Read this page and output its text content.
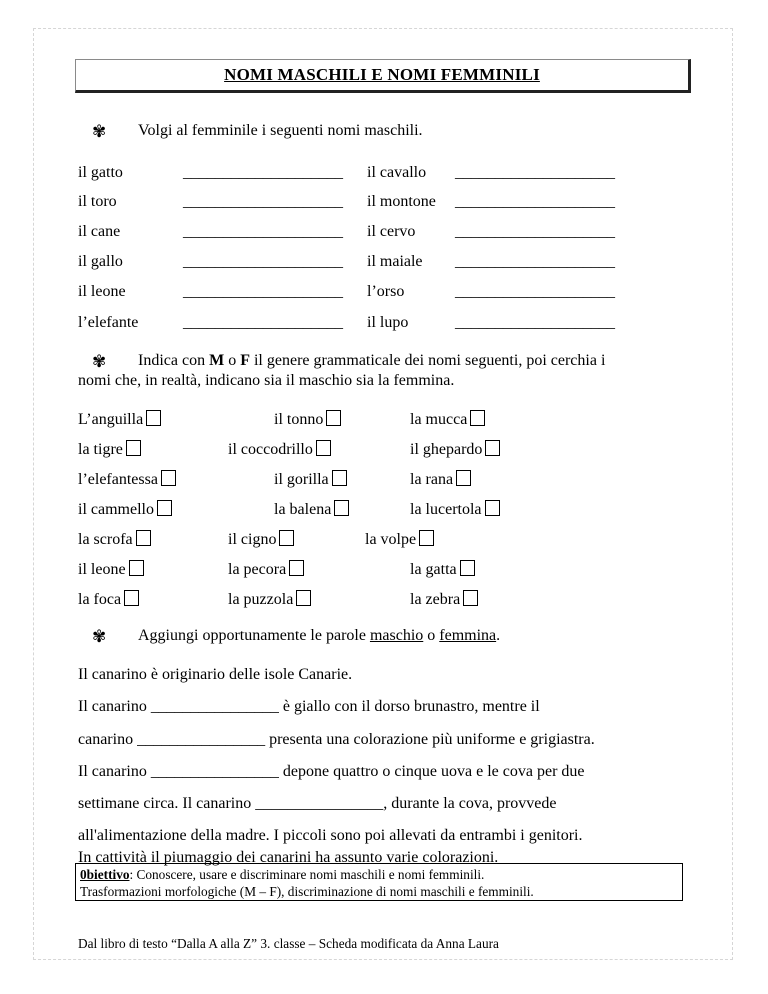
NOMI MASCHILI E NOMI FEMMINILI
✾ Volgi al femminile i seguenti nomi maschili.
il gatto	____________________ il cavallo ____________________
il toro	____________________ il montone ____________________
il cane	____________________ il cervo ____________________
il gallo	____________________ il maiale ____________________
il leone	____________________ l’orso	____________________
l’elefante	____________________ il lupo	____________________
✾ Indica con M o F il genere grammaticale dei nomi seguenti, poi cerchia i
nomi che, in realtà, indicano sia il maschio sia la femmina.
L’anguilla	il tonno	la mucca
la tigre	il coccodrillo	il ghepardo
l’elefantessa	il gorilla	la rana
il cammello	la balena	la lucertola
la scrofa	il cigno	la volpe
il leone	la pecora	la gatta
la foca	la puzzola	la zebra
✾ Aggiungi opportunamente le parole maschio o femmina.
Il canarino è originario delle isole Canarie.
Il canarino ________________ è giallo con il dorso brunastro, mentre il
canarino ________________ presenta una colorazione più uniforme e grigiastra.
Il canarino ________________ depone quattro o cinque uova e le cova per due
settimane circa. Il canarino ________________, durante la cova, provvede
all'alimentazione della madre. I piccoli sono poi allevati da entrambi i genitori.
In cattività il piumaggio dei canarini ha assunto varie colorazioni.
0biettivo: Conoscere, usare e discriminare nomi maschili e nomi femminili.
Trasformazioni morfologiche (M – F), discriminazione di nomi maschili e femminili.
Dal libro di testo “Dalla A alla Z” 3. classe – Scheda modificata da Anna Laura
